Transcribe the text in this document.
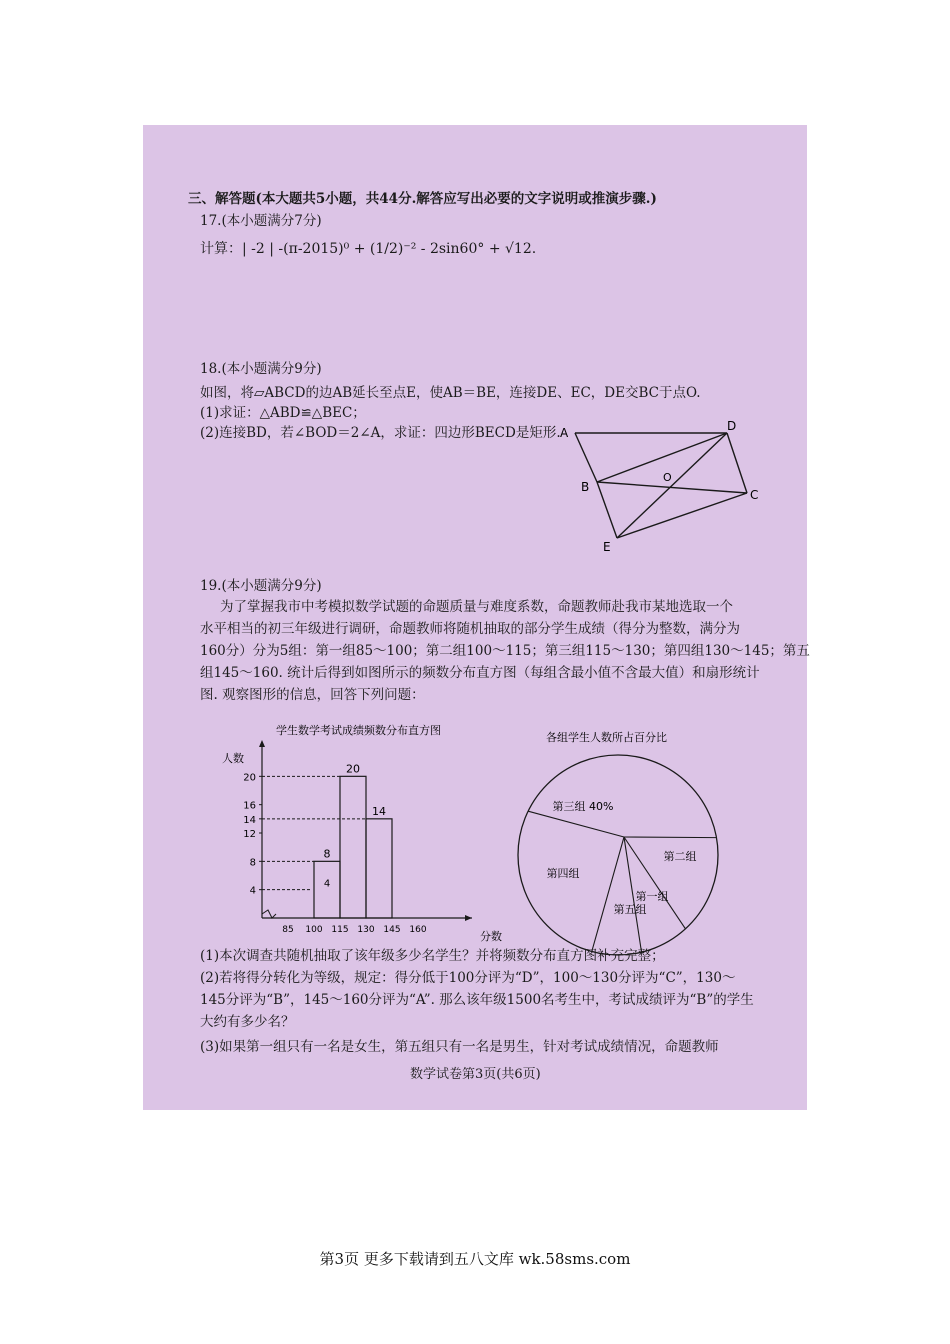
三、解答题(本大题共5小题，共44分.解答应写出必要的文字说明或推演步骤.)
17.(本小题满分7分)
计算：| -2 | -(π-2015)⁰ + (1/2)⁻² - 2sin60° + √12.
18.(本小题满分9分)
如图，将▱ABCD的边AB延长至点E，使AB＝BE，连接DE、EC，DE交BC于点O.
(1)求证：△ABD≌△BEC；
(2)连接BD，若∠BOD＝2∠A，求证：四边形BECD是矩形. A	D
B
O
C
E
19.(本小题满分9分)
为了掌握我市中考模拟数学试题的命题质量与难度系数，命题教师赴我市某地选取一个
水平相当的初三年级进行调研，命题教师将随机抽取的部分学生成绩（得分为整数，满分为
160分）分为5组：第一组85～100；第二组100～115；第三组115～130；第四组130～145；第五
组145～160. 统计后得到如图所示的频数分布直方图（每组含最小值不含最大值）和扇形统计
图. 观察图形的信息，回答下列问题：
学生数学考试成绩频数分布直方图
人数
分数
4
8
12
14
16
20
85 100 115 130 145 160
4
8
20
14
各组学生人数所占百分比
第三组 40%
第二组
第一组
第五组
第四组
(1)本次调查共随机抽取了该年级多少名学生？并将频数分布直方图补充完整；
(2)若将得分转化为等级，规定：得分低于100分评为“D”，100～130分评为“C”，130～
145分评为“B”，145～160分评为“A”. 那么该年级1500名考生中，考试成绩评为“B”的学生
大约有多少名？
(3)如果第一组只有一名是女生，第五组只有一名是男生，针对考试成绩情况，命题教师
数学试卷第3页(共6页)
第3页 更多下载请到五八文库 wk.58sms.com
